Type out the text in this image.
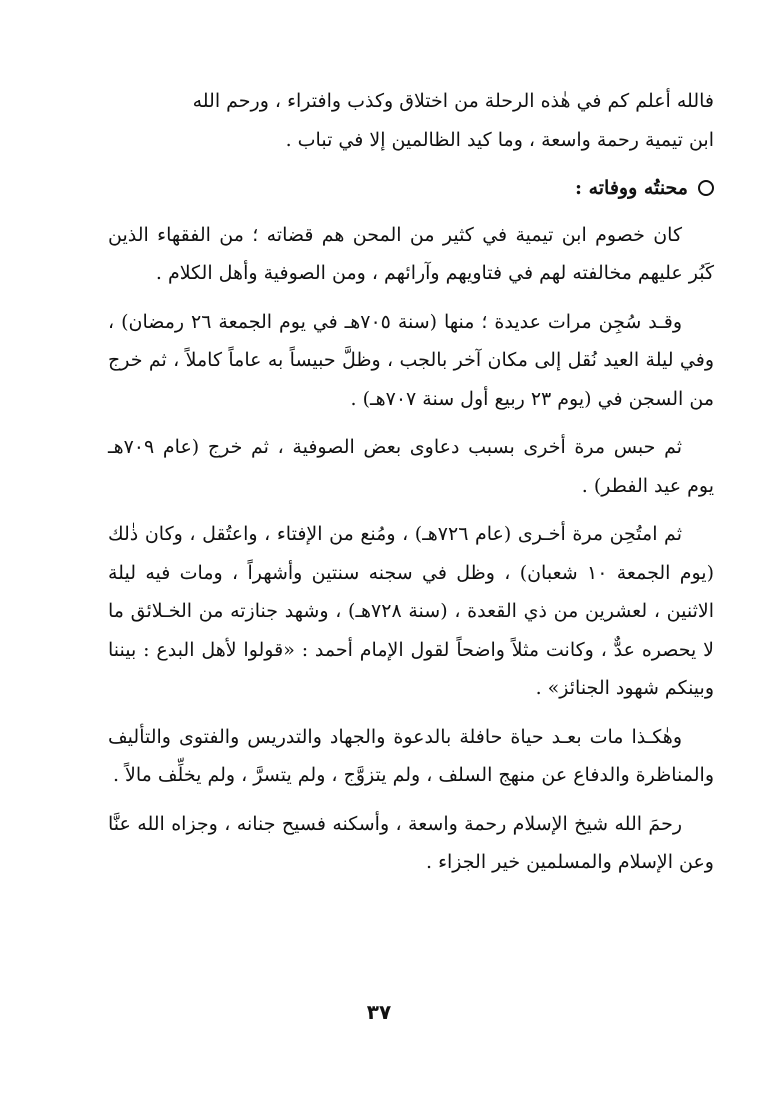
فالله أعلم كم في هٰذه الرحلة من اختلاق وكذب وافتراء ، ورحم الله
ابن تيمية رحمة واسعة ، وما كيد الظالمين إلا في تباب .
محنتُه ووفاته :
كان خصوم ابن تيمية في كثير من المحن هم قضاته ؛ من الفقهاء الذين كَبُر عليهم مخالفته لهم في فتاويهم وآرائهم ، ومن الصوفية وأهل الكلام .
وقـد سُجِن مرات عديدة ؛ منها (سنة ٧٠٥هـ في يوم الجمعة ٢٦ رمضان) ، وفي ليلة العيد نُقل إلى مكان آخر بالجب ، وظلَّ حبيساً به عاماً كاملاً ، ثم خرج من السجن في (يوم ٢٣ ربيع أول سنة ٧٠٧هـ) .
ثم حبس مرة أخرى بسبب دعاوى بعض الصوفية ، ثم خرج (عام ٧٠٩هـ يوم عيد الفطر) .
ثم امتُحِن مرة أخـرى (عام ٧٢٦هـ) ، ومُنع من الإفتاء ، واعتُقل ، وكان ذٰلك (يوم الجمعة ١٠ شعبان) ، وظل في سجنه سنتين وأشهراً ، ومات فيه ليلة الاثنين ، لعشرين من ذي القعدة ، (سنة ٧٢٨هـ) ، وشهد جنازته من الخـلائق ما لا يحصره عدٌّ ، وكانت مثلاً واضحاً لقول الإمام أحمد : «قولوا لأهل البدع : بيننا وبينكم شهود الجنائز» .
وهٰكـذا مات بعـد حياة حافلة بالدعوة والجهاد والتدريس والفتوى والتأليف والمناظرة والدفاع عن منهج السلف ، ولم يتزوَّج ، ولم يتسرَّ ، ولم يخلِّف مالاً .
رحمَ الله شيخ الإسلام رحمة واسعة ، وأسكنه فسيح جنانه ، وجزاه الله عنَّا وعن الإسلام والمسلمين خير الجزاء .
٣٧
